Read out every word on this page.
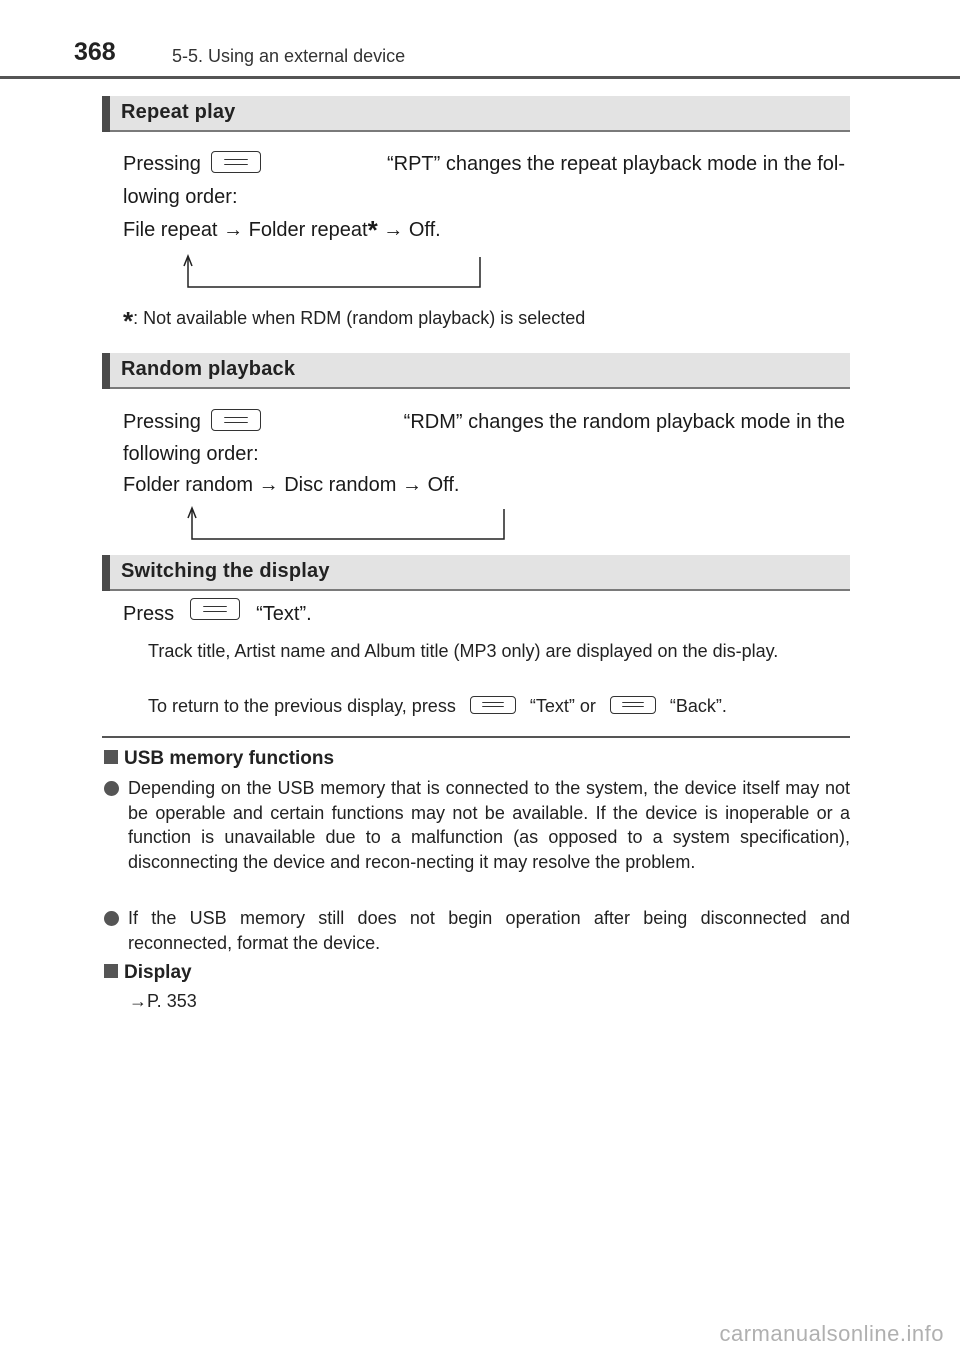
368	5-5. Using an external device
Repeat play
Pressing	“RPT” changes the repeat playback mode in the fol-
lowing order:
File repeat
→
Folder repeat *
→
Off.
*: Not available when RDM (random playback) is selected
Random playback
Pressing	“RDM” changes the random playback mode in the
following order:
Folder random
→
Disc random
→
Off.
Switching the display
Press	“Text”.
Track title, Artist name and Album title (MP3 only) are displayed on the dis-play.
To return to the previous display, press	“Text” or	“Back”.
USB memory functions
Depending on the USB memory that is connected to the system, the device itself may not be operable and certain functions may not be available. If the device is inoperable or a function is unavailable due to a malfunction (as opposed to a system specification), disconnecting the device and recon-necting it may resolve the problem.
If the USB memory still does not begin operation after being disconnected and reconnected, format the device.
Display
→P. 353
carmanualsonline.info
